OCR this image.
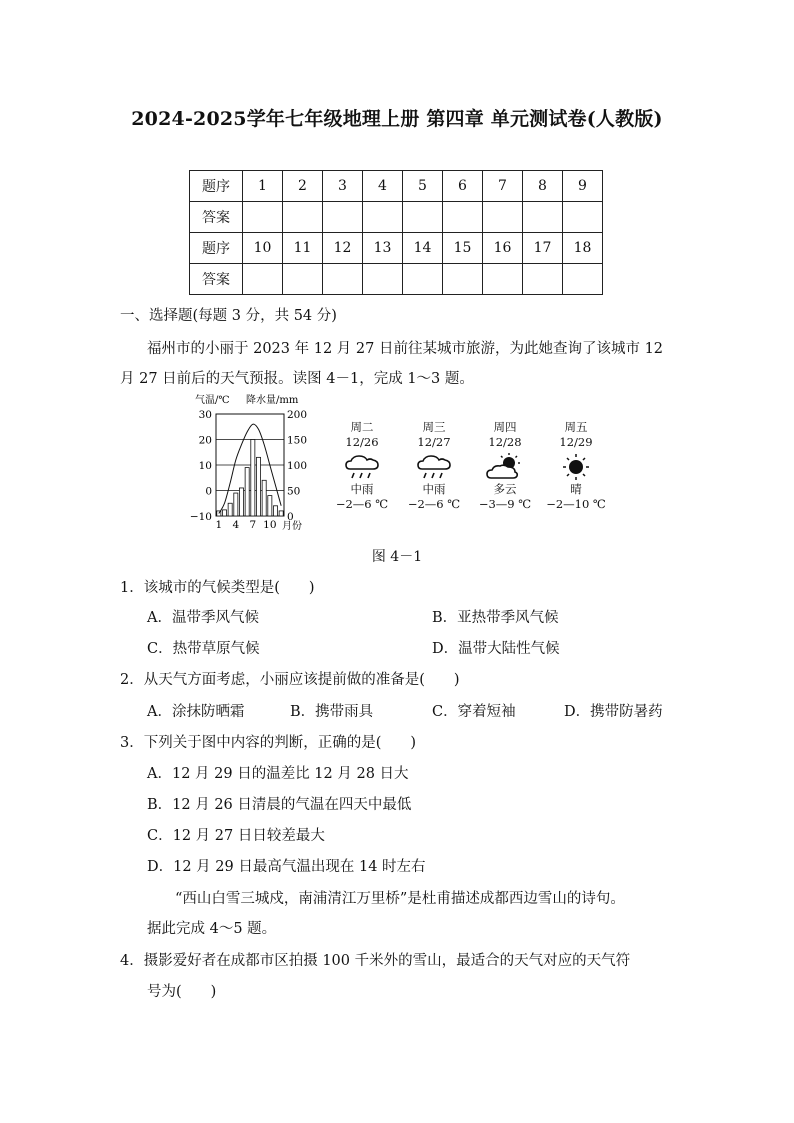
2024-2025学年七年级地理上册 第四章 单元测试卷(人教版)
题序	1	2	3	4	5	6	7	8	9
答案									
题序	10	11	12	13	14	15	16	17	18
答案									
一、选择题(每题 3 分，共 54 分)
福州市的小丽于 2023 年 12 月 27 日前往某城市旅游，为此她查询了该城市 12
月 27 日前后的天气预报。读图 4－1，完成 1～3 题。
气温/℃ 降水量/mm
30
20
10
0
−10
200
150
100
50
0
1 4 7 10 月份
周二
12/26
中雨
−2—6 ℃
周三
12/27
中雨
−2—6 ℃
周四
12/28
多云
−3—9 ℃
周五
12/29
晴
−2—10 ℃
图 4－1
1．该城市的气候类型是(　　)
A．温带季风气候	B．亚热带季风气候
C．热带草原气候	D．温带大陆性气候
2．从天气方面考虑，小丽应该提前做的准备是(　　)
A．涂抹防晒霜	B．携带雨具	C．穿着短袖	D．携带防暑药
3．下列关于图中内容的判断，正确的是(　　)
A．12 月 29 日的温差比 12 月 28 日大
B．12 月 26 日清晨的气温在四天中最低
C．12 月 27 日日较差最大
D．12 月 29 日最高气温出现在 14 时左右
“西山白雪三城戍，南浦清江万里桥”是杜甫描述成都西边雪山的诗句。
据此完成 4～5 题。
4．摄影爱好者在成都市区拍摄 100 千米外的雪山，最适合的天气对应的天气符
号为(　　)
